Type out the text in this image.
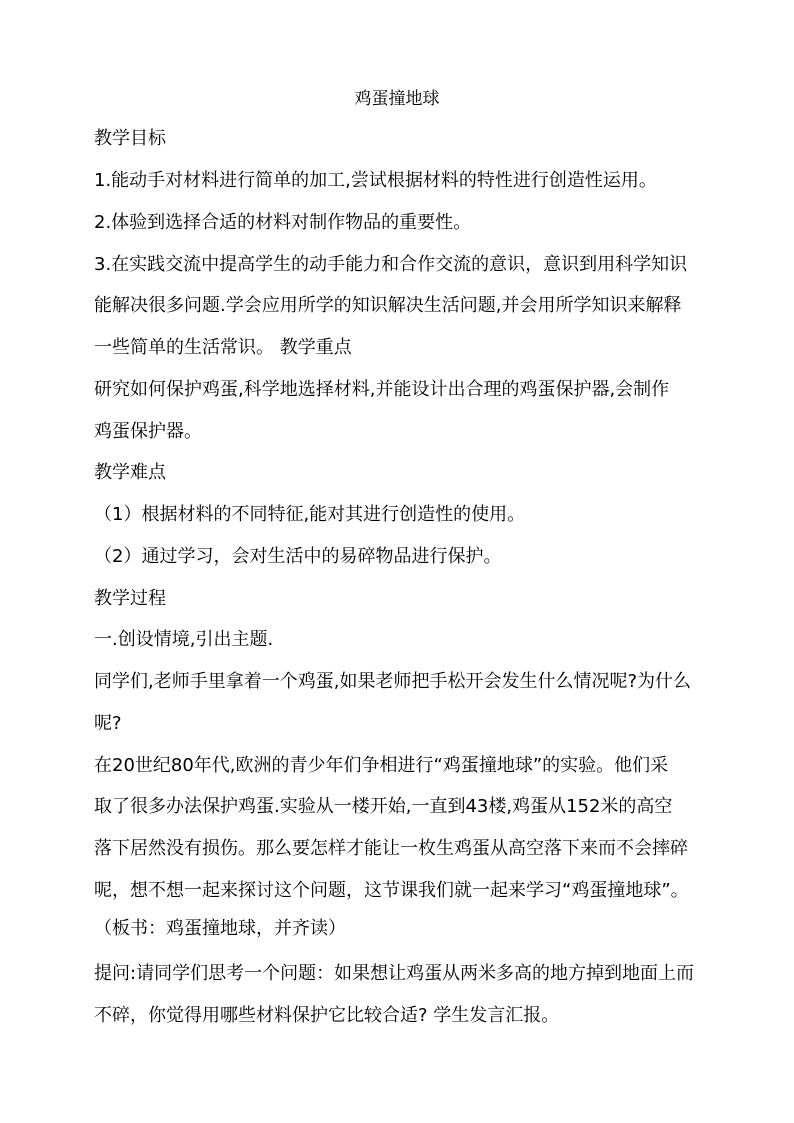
鸡蛋撞地球
教学目标
1.能动手对材料进行简单的加工,尝试根据材料的特性进行创造性运用。
2.体验到选择合适的材料对制作物品的重要性。
3.在实践交流中提高学生的动手能力和合作交流的意识，意识到用科学知识
能解决很多问题.学会应用所学的知识解决生活问题,并会用所学知识来解释
一些简单的生活常识。 教学重点
研究如何保护鸡蛋,科学地选择材料,并能设计出合理的鸡蛋保护器,会制作
鸡蛋保护器。
教学难点
（1）根据材料的不同特征,能对其进行创造性的使用。
（2）通过学习，会对生活中的易碎物品进行保护。
教学过程
一.创设情境,引出主题.
同学们,老师手里拿着一个鸡蛋,如果老师把手松开会发生什么情况呢?为什么
呢?
在20世纪80年代,欧洲的青少年们争相进行“鸡蛋撞地球”的实验。他们采
取了很多办法保护鸡蛋.实验从一楼开始,一直到43楼,鸡蛋从152米的高空
落下居然没有损伤。那么要怎样才能让一枚生鸡蛋从高空落下来而不会摔碎
呢，想不想一起来探讨这个问题，这节课我们就一起来学习“鸡蛋撞地球”。
（板书：鸡蛋撞地球，并齐读）
提问:请同学们思考一个问题：如果想让鸡蛋从两米多高的地方掉到地面上而
不碎，你觉得用哪些材料保护它比较合适? 学生发言汇报。
